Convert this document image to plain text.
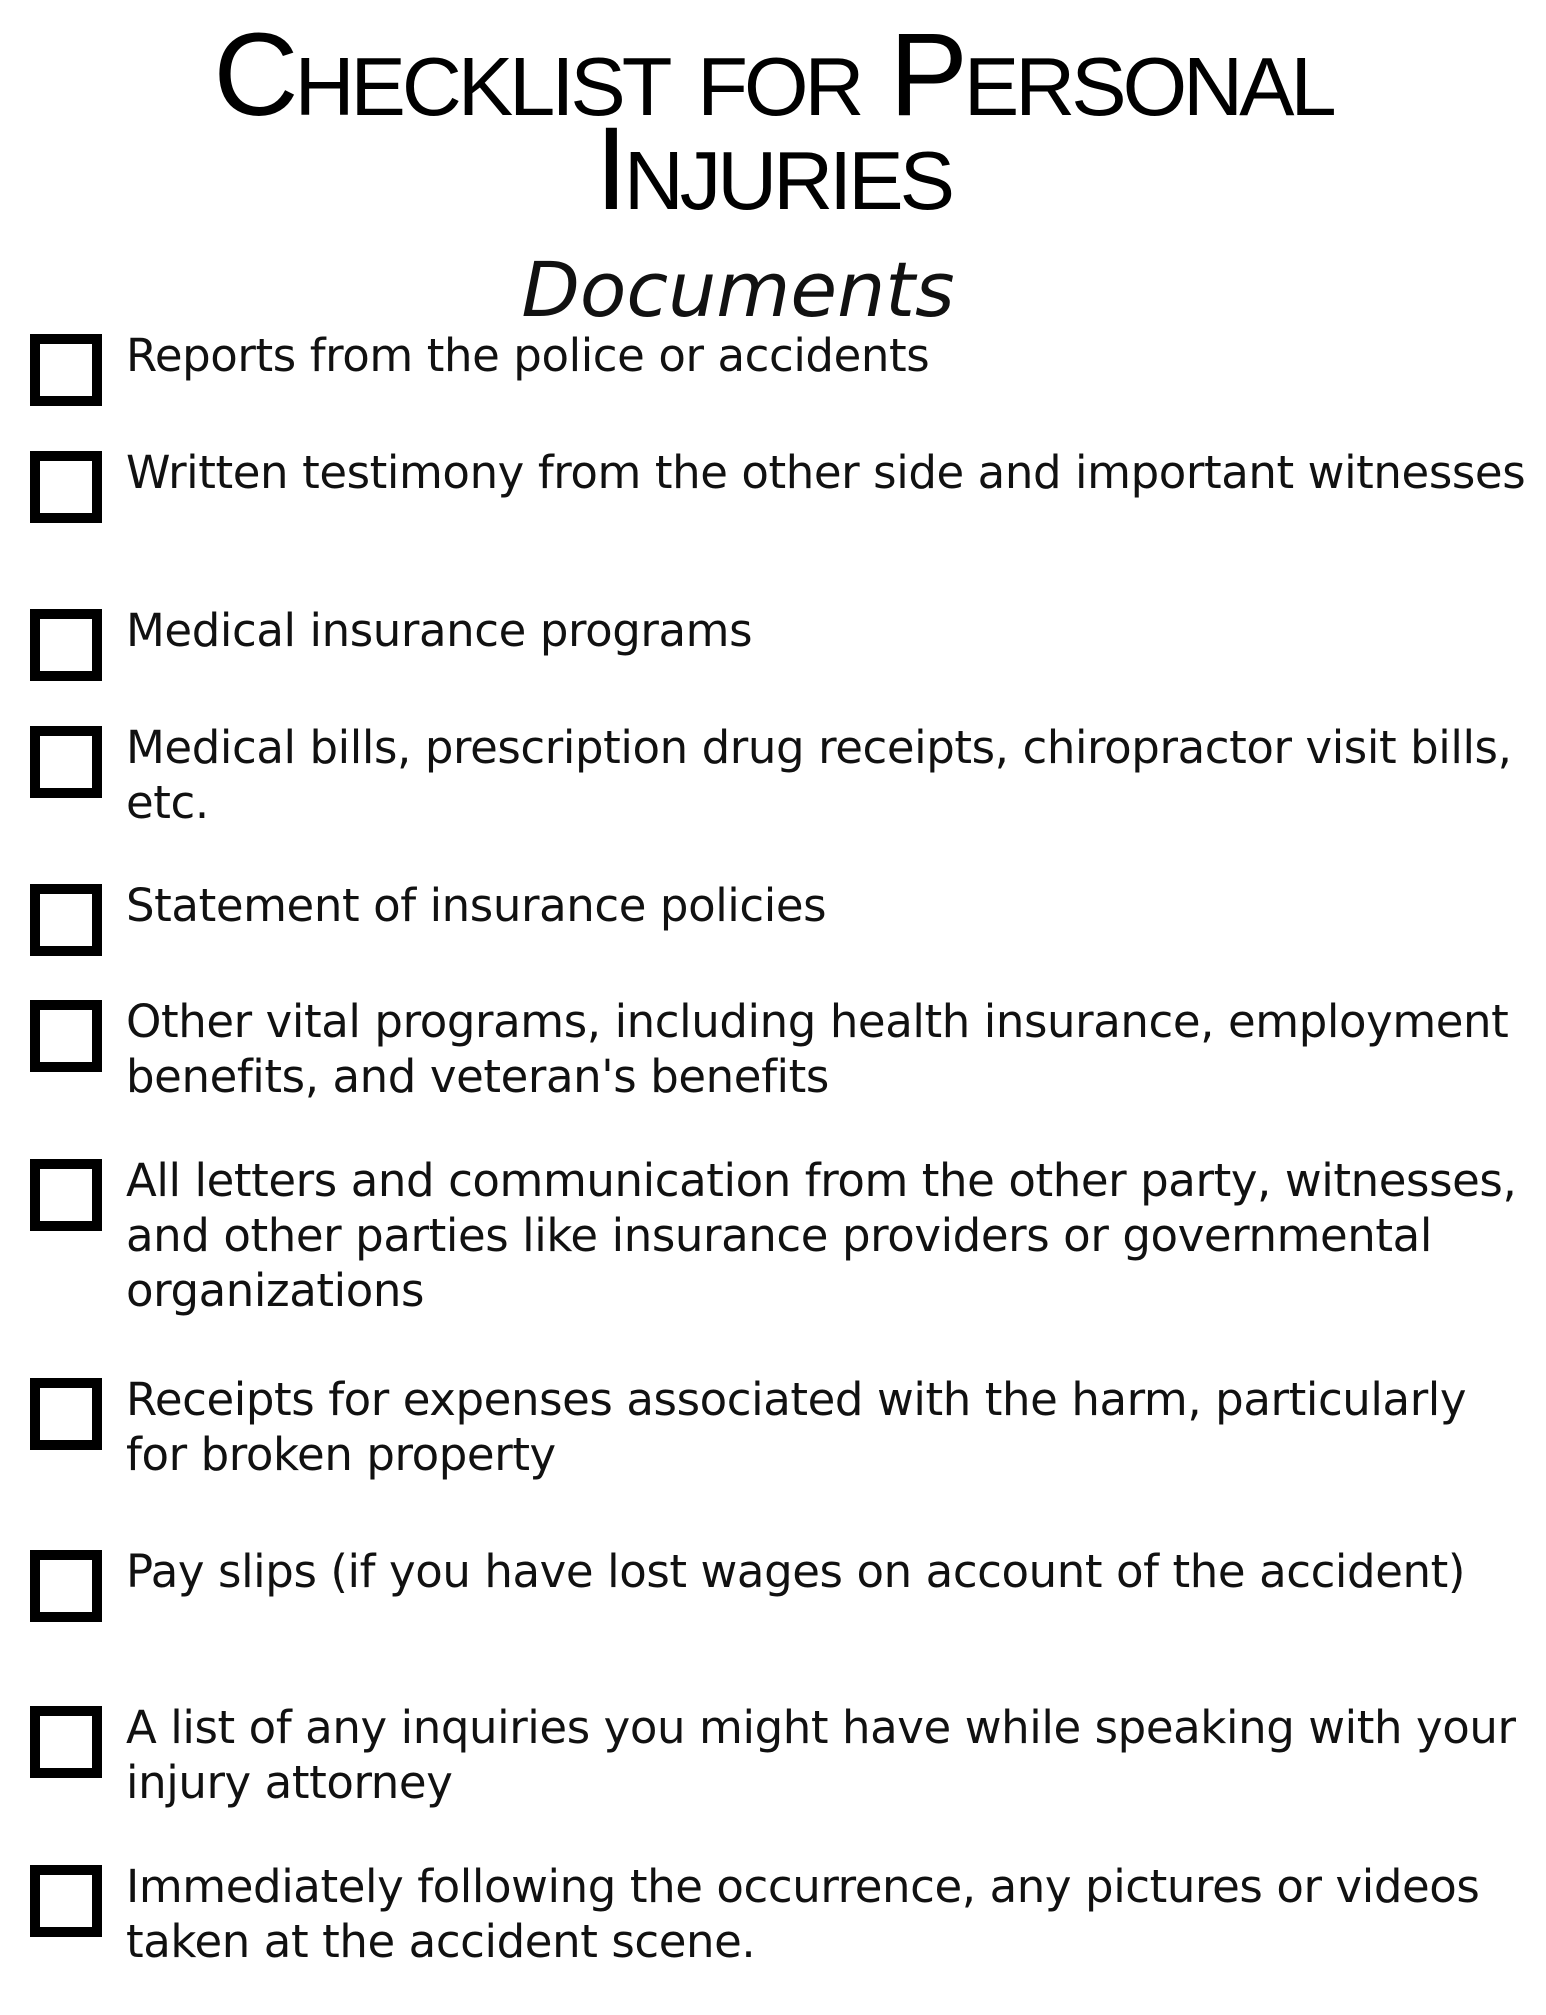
Checklist for Personal Injuries
Documents
Reports from the police or accidents
Written testimony from the other side and important witnesses
Medical insurance programs
Medical bills, prescription drug receipts, chiropractor visit bills, etc.
Statement of insurance policies
Other vital programs, including health insurance, employment benefits, and veteran's benefits
All letters and communication from the other party, witnesses, and other parties like insurance providers or governmental organizations
Receipts for expenses associated with the harm, particularly for broken property
Pay slips (if you have lost wages on account of the accident)
A list of any inquiries you might have while speaking with your injury attorney
Immediately following the occurrence, any pictures or videos taken at the accident scene.
